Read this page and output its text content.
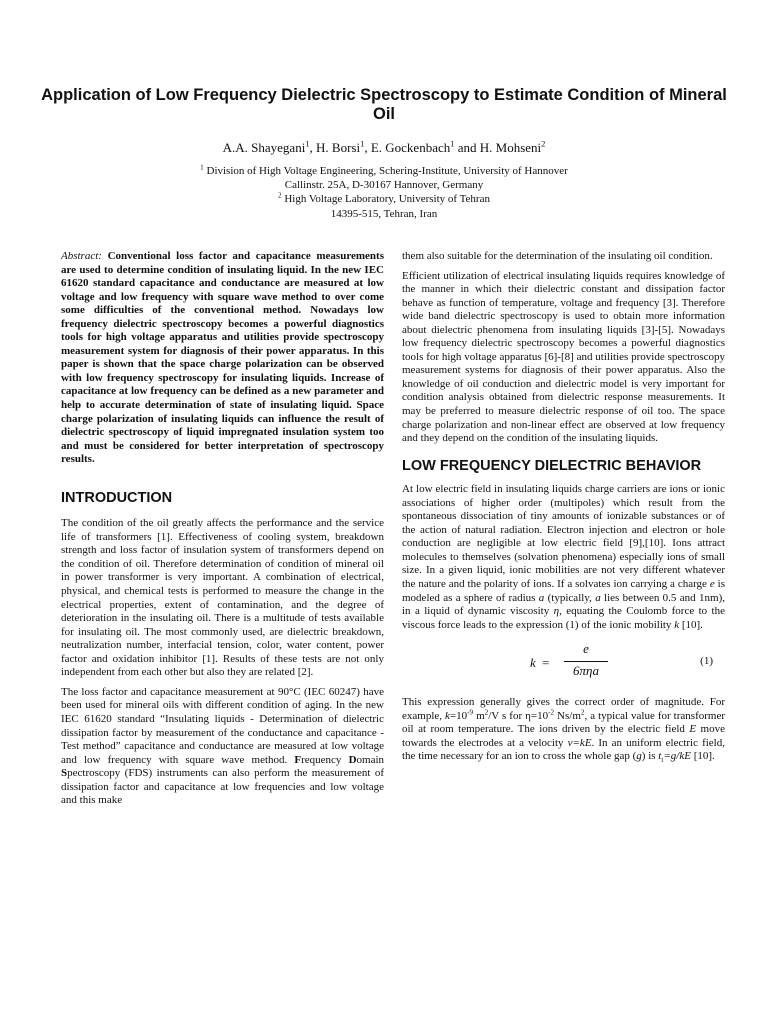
Application of Low Frequency Dielectric Spectroscopy to Estimate Condition of Mineral Oil
A.A. Shayegani$^1$, H. Borsi$^1$, E. Gockenbach$^1$ and H. Mohseni$^2$
$^1$ Division of High Voltage Engineering, Schering-Institute, University of Hannover
Callinstr. 25A, D-30167 Hannover, Germany
$^2$ High Voltage Laboratory, University of Tehran
14395-515, Tehran, Iran

Abstract: Conventional loss factor and capacitance measurements are used to determine condition of insulating liquid. In the new IEC 61620 standard capacitance and conductance are measured at low voltage and low frequency with square wave method to over come some difficulties of the conventional method. Nowadays low frequency dielectric spectroscopy becomes a powerful diagnostics tools for high voltage apparatus and utilities provide spectroscopy measurement system for diagnosis of their power apparatus. In this paper is shown that the space charge polarization can be observed with low frequency spectroscopy for insulating liquids. Increase of capacitance at low frequency can be defined as a new parameter and help to accurate determination of state of insulating liquid. Space charge polarization of insulating liquids can influence the result of dielectric spectroscopy of liquid impregnated insulation system too and must be considered for better interpretation of spectroscopy results.

INTRODUCTION

The condition of the oil greatly affects the performance and the service life of transformers [1]. Effectiveness of cooling system, breakdown strength and loss factor of insulation system of transformers depend on the condition of oil. Therefore determination of condition of mineral oil in power transformer is very important. A combination of electrical, physical, and chemical tests is performed to measure the change in the electrical properties, extent of contamination, and the degree of deterioration in the insulating oil. There is a multitude of tests available for insulating oil. The most commonly used, are dielectric breakdown, neutralization number, interfacial tension, color, water content, power factor and oxidation inhibitor [1]. Results of these tests are not only independent from each other but also they are related [2].

The loss factor and capacitance measurement at 90°C (IEC 60247) have been used for mineral oils with different condition of aging. In the new IEC 61620 standard “Insulating liquids - Determination of dielectric dissipation factor by measurement of the conductance and capacitance - Test method” capacitance and conductance are measured at low voltage and low frequency with square wave method. Frequency Domain Spectroscopy (FDS) instruments can also perform the measurement of dissipation factor and capacitance at low frequencies and low voltage and this make

them also suitable for the determination of the insulating oil condition.

Efficient utilization of electrical insulating liquids requires knowledge of the manner in which their dielectric constant and dissipation factor behave as function of temperature, voltage and frequency [3]. Therefore wide band dielectric spectroscopy is used to obtain more information about dielectric phenomena from insulating liquids [3]-[5]. Nowadays low frequency dielectric spectroscopy becomes a powerful diagnostics tools for high voltage apparatus [6]-[8] and utilities provide spectroscopy measurement systems for diagnosis of their power apparatus. Also the knowledge of oil conduction and dielectric model is very important for condition analysis obtained from dielectric response measurements. It may be preferred to measure dielectric response of oil too. The space charge polarization and non-linear effect are observed at low frequency and they depend on the condition of the insulating liquids.

LOW FREQUENCY DIELECTRIC BEHAVIOR

At low electric field in insulating liquids charge carriers are ions or ionic associations of higher order (multipoles) which result from the spontaneous dissociation of tiny amounts of ionizable substances or of the action of natural radiation. Electron injection and electron or hole conduction are negligible at low electric field [9],[10]. Ions attract molecules to themselves (solvation phenomena) especially ions of small size. In a given liquid, ionic mobilities are not very different whatever the nature and the polarity of ions. If a solvates ion carrying a charge e is modeled as a sphere of radius a (typically, a lies between 0.5 and 1nm), in a liquid of dynamic viscosity η, equating the Coulomb force to the viscous force leads to the expression (1) of the ionic mobility k [10].

k =
e
6πηa
(1)

This expression generally gives the correct order of magnitude. For example, $k=10^{-9}$ $m^2/V$ s for $\eta=10^{-2}$ $Ns/m^2$, a typical value for transformer oil at room temperature. The ions driven by the electric field E move towards the electrodes at a velocity v=kE. In an uniform electric field, the time necessary for an ion to cross the whole gap (g) is $t_t=g/kE$ [10].
